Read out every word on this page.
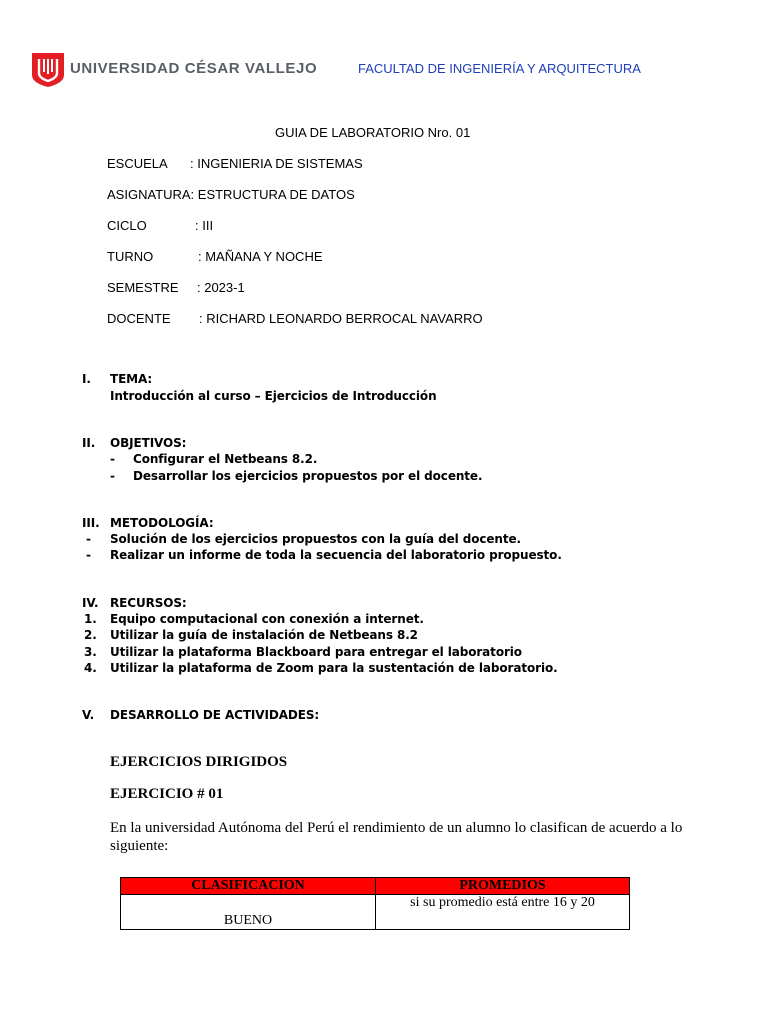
UNIVERSIDAD CÉSAR VALLEJO	FACULTAD DE INGENIERÍA Y ARQUITECTURA
GUIA DE LABORATORIO Nro. 01
ESCUELA : INGENIERIA DE SISTEMAS
ASIGNATURA: ESTRUCTURA DE DATOS
CICLO	: III
TURNO	: MAÑANA Y NOCHE
SEMESTRE : 2023-1
DOCENTE : RICHARD LEONARDO BERROCAL NAVARRO
I. TEMA:
Introducción al curso – Ejercicios de Introducción
II. OBJETIVOS:
- Configurar el Netbeans 8.2.
- Desarrollar los ejercicios propuestos por el docente.
III. METODOLOGÍA:
- Solución de los ejercicios propuestos con la guía del docente.
- Realizar un informe de toda la secuencia del laboratorio propuesto.
IV. RECURSOS:
1. Equipo computacional con conexión a internet.
2. Utilizar la guía de instalación de Netbeans 8.2
3. Utilizar la plataforma Blackboard para entregar el laboratorio
4. Utilizar la plataforma de Zoom para la sustentación de laboratorio.
V. DESARROLLO DE ACTIVIDADES:
EJERCICIOS DIRIGIDOS
EJERCICIO # 01
En la universidad Autónoma del Perú el rendimiento de un alumno lo clasifican de acuerdo a lo siguiente:
CLASIFICACION	PROMEDIOS
BUENO	si su promedio está entre 16 y 20
